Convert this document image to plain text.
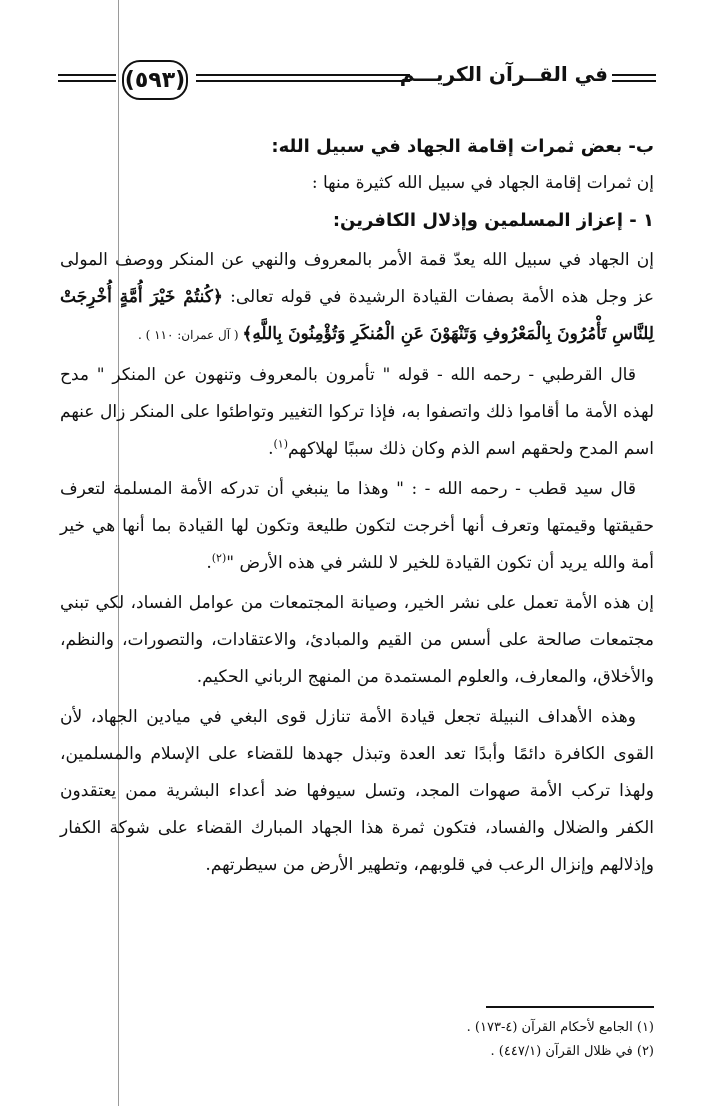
(٥٩٣)	في القــرآن الكريـــم

ب- بعض ثمرات إقامة الجهاد في سبيل الله:

إن ثمرات إقامة الجهاد في سبيل الله كثيرة منها :

١ - إعزاز المسلمين وإذلال الكافرين:

إن الجهاد في سبيل الله يعدّ قمة الأمر بالمعروف والنهي عن المنكر ووصف المولى عز وجل هذه الأمة بصفات القيادة الرشيدة في قوله تعالى: ﴿كُنتُمْ خَيْرَ أُمَّةٍ أُخْرِجَتْ لِلنَّاسِ تَأْمُرُونَ بِالْمَعْرُوفِ وَتَنْهَوْنَ عَنِ الْمُنكَرِ وَتُؤْمِنُونَ بِاللَّهِ﴾ ( آل عمران: ١١٠ ) .

قال القرطبي - رحمه الله - قوله " تأمرون بالمعروف وتنهون عن المنكر " مدح لهذه الأمة ما أقاموا ذلك واتصفوا به، فإذا تركوا التغيير وتواطئوا على المنكر زال عنهم اسم المدح ولحقهم اسم الذم وكان ذلك سببًا لهلاكهم$^{(١)}$.

قال سيد قطب - رحمه الله - : " وهذا ما ينبغي أن تدركه الأمة المسلمة لتعرف حقيقتها وقيمتها وتعرف أنها أخرجت لتكون طليعة وتكون لها القيادة بما أنها هي خير أمة والله يريد أن تكون القيادة للخير لا للشر في هذه الأرض "$^{(٢)}$.

إن هذه الأمة تعمل على نشر الخير، وصيانة المجتمعات من عوامل الفساد، لكي تبني مجتمعات صالحة على أسس من القيم والمبادئ، والاعتقادات، والتصورات، والنظم، والأخلاق، والمعارف، والعلوم المستمدة من المنهج الرباني الحكيم.

وهذه الأهداف النبيلة تجعل قيادة الأمة تنازل قوى البغي في ميادين الجهاد، لأن القوى الكافرة دائمًا وأبدًا تعد العدة وتبذل جهدها للقضاء على الإسلام والمسلمين، ولهذا تركب الأمة صهوات المجد، وتسل سيوفها ضد أعداء البشرية ممن يعتقدون الكفر والضلال والفساد، فتكون ثمرة هذا الجهاد المبارك القضاء على شوكة الكفار وإذلالهم وإنزال الرعب في قلوبهم، وتطهير الأرض من سيطرتهم.

(١) الجامع لأحكام القرآن (٤-١٧٣) .

(٢) في ظلال القرآن (٤٤٧/١) .
